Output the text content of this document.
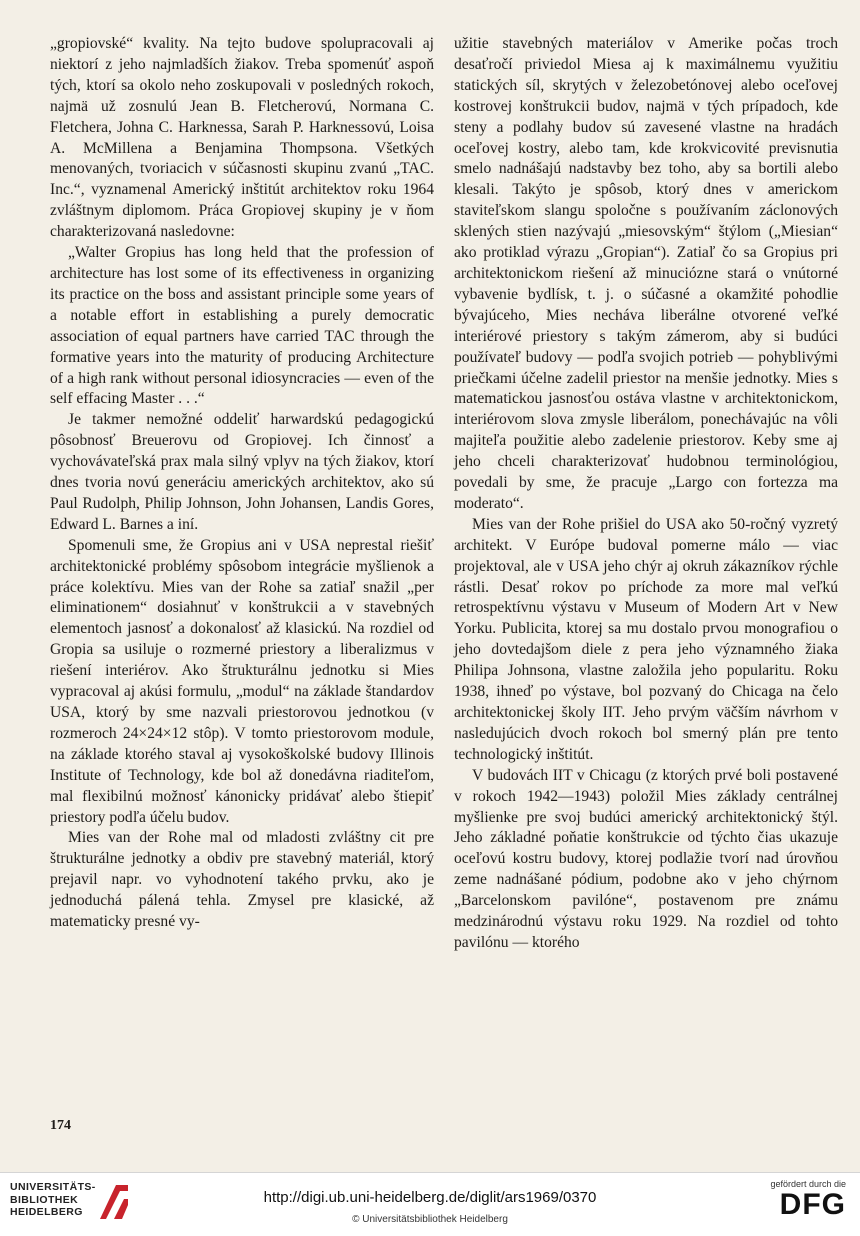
„gropiovské“ kvality. Na tejto budove spolupracovali aj niektorí z jeho najmladších žiakov. Treba spomenúť aspoň tých, ktorí sa okolo neho zoskupovali v posledných rokoch, najmä už zosnulú Jean B. Fletcherovú, Normana C. Fletchera, Johna C. Harknessa, Sarah P. Harknessovú, Loisa A. McMillena a Benjamina Thompsona. Všetkých menovaných, tvoriacich v súčasnosti skupinu zvanú „TAC. Inc.“, vyznamenal Americký inštitút architektov roku 1964 zvláštnym diplomom. Práca Gropiovej skupiny je v ňom charakterizovaná nasledovne:

„Walter Gropius has long held that the profession of architecture has lost some of its effectiveness in organizing its practice on the boss and assistant principle some years of a notable effort in establishing a purely democratic association of equal partners have carried TAC through the formative years into the maturity of producing Architecture of a high rank without personal idiosyncracies — even of the self effacing Master . . .“

Je takmer nemožné oddeliť harwardskú pedagogickú pôsobnosť Breuerovu od Gropiovej. Ich činnosť a vychovávateľská prax mala silný vplyv na tých žiakov, ktorí dnes tvoria novú generáciu amerických architektov, ako sú Paul Rudolph, Philip Johnson, John Johansen, Landis Gores, Edward L. Barnes a iní.

Spomenuli sme, že Gropius ani v USA neprestal riešiť architektonické problémy spôsobom integrácie myšlienok a práce kolektívu. Mies van der Rohe sa zatiaľ snažil „per eliminationem“ dosiahnuť v konštrukcii a v stavebných elementoch jasnosť a dokonalosť až klasickú. Na rozdiel od Gropia sa usiluje o rozmerné priestory a liberalizmus v riešení interiérov. Ako štrukturálnu jednotku si Mies vypracoval aj akúsi formulu, „modul“ na základe štandardov USA, ktorý by sme nazvali priestorovou jednotkou (v rozmeroch 24×24×12 stôp). V tomto priestorovom module, na základe ktorého staval aj vysokoškolské budovy Illinois Institute of Technology, kde bol až donedávna riaditeľom, mal flexibilnú možnosť kánonicky pridávať alebo štiepiť priestory podľa účelu budov.

Mies van der Rohe mal od mladosti zvláštny cit pre štrukturálne jednotky a obdiv pre stavebný materiál, ktorý prejavil napr. vo vyhodnotení takého prvku, ako je jednoduchá pálená tehla. Zmysel pre klasické, až matematicky presné vy-

užitie stavebných materiálov v Amerike počas troch desaťročí priviedol Miesa aj k maximálnemu využitiu statických síl, skrytých v železobetónovej alebo oceľovej kostrovej konštrukcii budov, najmä v tých prípadoch, kde steny a podlahy budov sú zavesené vlastne na hradách oceľovej kostry, alebo tam, kde krokvicovité previsnutia smelo nadnášajú nadstavby bez toho, aby sa bortili alebo klesali. Takýto je spôsob, ktorý dnes v americkom staviteľskom slangu spoločne s používaním záclonových sklených stien nazývajú „miesovským“ štýlom („Miesian“ ako protiklad výrazu „Gropian“). Zatiaľ čo sa Gropius pri architektonickom riešení až minuciózne stará o vnútorné vybavenie bydlísk, t. j. o súčasné a okamžité pohodlie bývajúceho, Mies necháva liberálne otvorené veľké interiérové priestory s takým zámerom, aby si budúci používateľ budovy — podľa svojich potrieb — pohyblivými priečkami účelne zadelil priestor na menšie jednotky. Mies s matematickou jasnosťou ostáva vlastne v architektonickom, interiérovom slova zmysle liberálom, ponechávajúc na vôli majiteľa použitie alebo zadelenie priestorov. Keby sme aj jeho chceli charakterizovať hudobnou terminológiou, povedali by sme, že pracuje „Largo con fortezza ma moderato“.

Mies van der Rohe prišiel do USA ako 50-ročný vyzretý architekt. V Európe budoval pomerne málo — viac projektoval, ale v USA jeho chýr aj okruh zákazníkov rýchle rástli. Desať rokov po príchode za more mal veľkú retrospektívnu výstavu v Museum of Modern Art v New Yorku. Publicita, ktorej sa mu dostalo prvou monografiou o jeho dovtedajšom diele z pera jeho významného žiaka Philipa Johnsona, vlastne založila jeho popularitu. Roku 1938, ihneď po výstave, bol pozvaný do Chicaga na čelo architektonickej školy IIT. Jeho prvým väčším návrhom v nasledujúcich dvoch rokoch bol smerný plán pre tento technologický inštitút.

V budovách IIT v Chicagu (z ktorých prvé boli postavené v rokoch 1942—1943) položil Mies základy centrálnej myšlienke pre svoj budúci americký architektonický štýl. Jeho základné poňatie konštrukcie od týchto čias ukazuje oceľovú kostru budovy, ktorej podlažie tvorí nad úrovňou zeme nadnášané pódium, podobne ako v jeho chýrnom „Barcelonskom pavilóne“, postavenom pre známu medzinárodnú výstavu roku 1929. Na rozdiel od tohto pavilónu — ktorého

174
UNIVERSITÄTS-
BIBLIOTHEK
HEIDELBERG
http://digi.ub.uni-heidelberg.de/diglit/ars1969/0370
© Universitätsbibliothek Heidelberg
gefördert durch die
DFG
